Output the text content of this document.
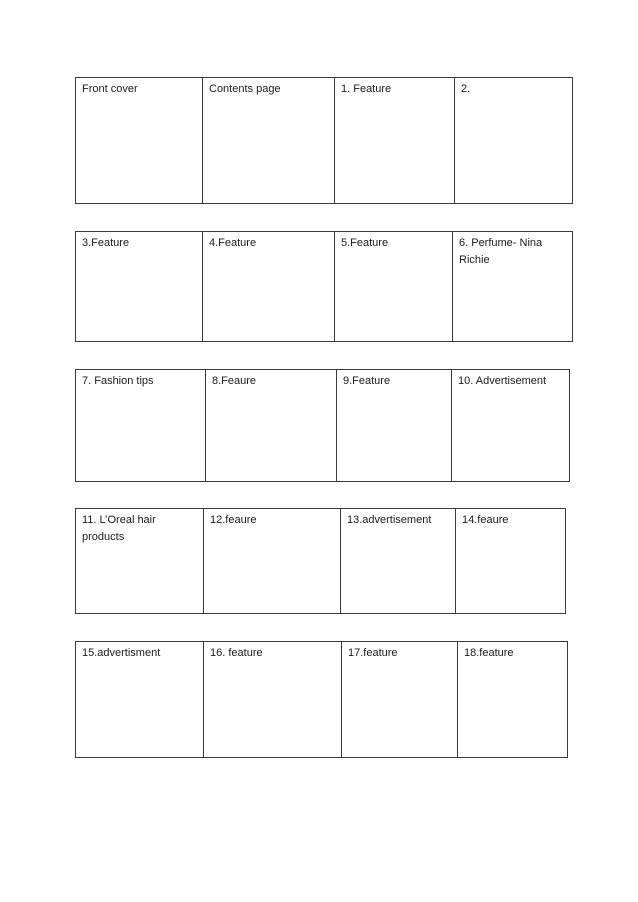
Front cover	Contents page	1. Feature	2.
3.Feature	4.Feature	5.Feature	6. Perfume- Nina Richie
7. Fashion tips	8.Feaure	9.Feature	10. Advertisement
11. L’Oreal hair products	12.feaure	13.advertisement	14.feaure
15.advertisment	16. feature	17.feature	18.feature
